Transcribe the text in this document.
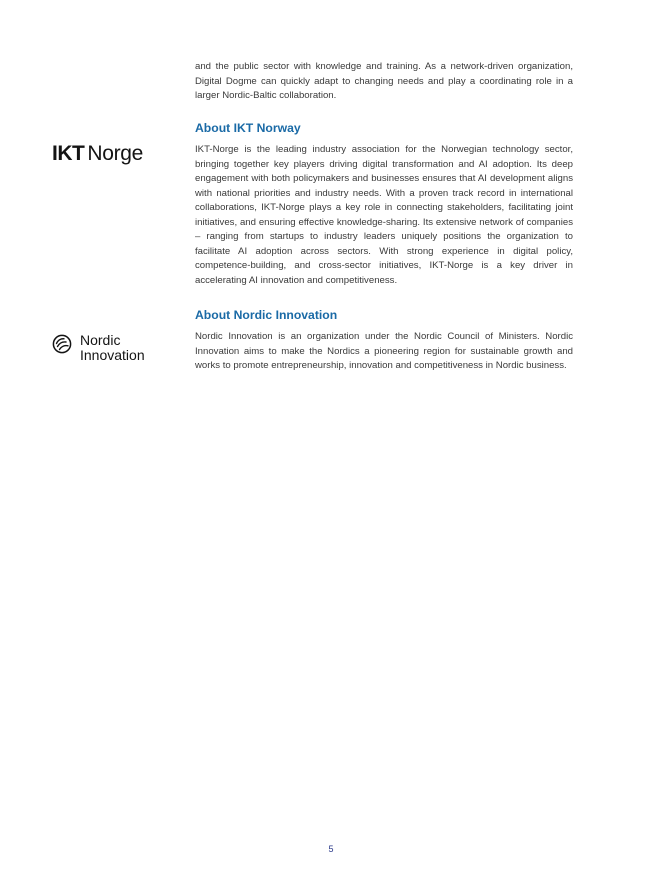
and the public sector with knowledge and training. As a network-driven organization, Digital Dogme can quickly adapt to changing needs and play a coordinating role in a larger Nordic-Baltic collaboration.

About IKT Norway
IKT Norge	IKT-Norge is the leading industry association for the Norwegian technology sector, bringing together key players driving digital transformation and AI adoption. Its deep engagement with both policymakers and businesses ensures that AI development aligns with national priorities and industry needs. With a proven track record in international collaborations, IKT-Norge plays a key role in connecting stakeholders, facilitating joint initiatives, and ensuring effective knowledge-sharing. Its extensive network of companies – ranging from startups to industry leaders uniquely positions the organization to facilitate AI adoption across sectors. With strong experience in digital policy, competence-building, and cross-sector initiatives, IKT-Norge is a key driver in accelerating AI innovation and competitiveness.

About Nordic Innovation
Nordic
Innovation

Nordic Innovation is an organization under the Nordic Council of Ministers. Nordic Innovation aims to make the Nordics a pioneering region for sustainable growth and works to promote entrepreneurship, innovation and competitiveness in Nordic business.

5
